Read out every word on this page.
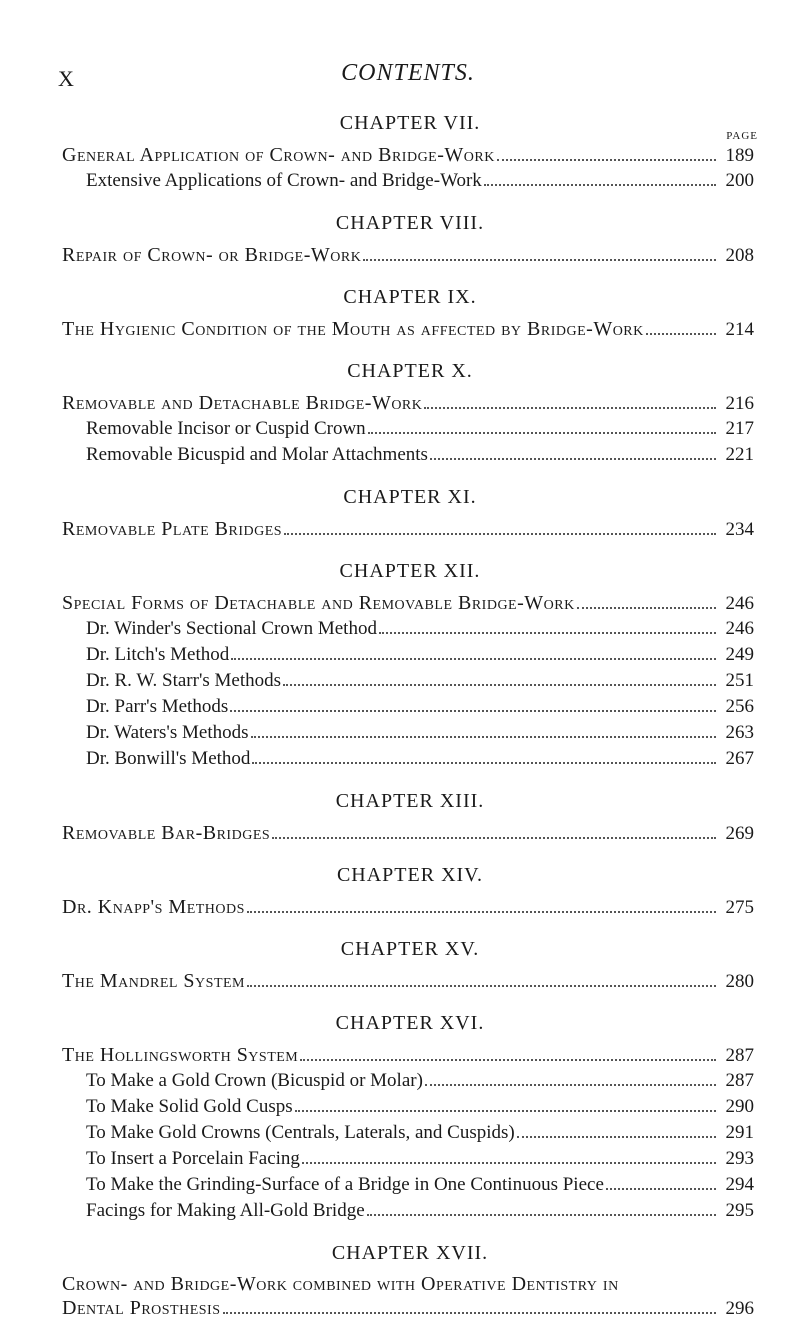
X	CONTENTS.
PAGE
CHAPTER VII.
General Application of Crown- and Bridge-Work	189
Extensive Applications of Crown- and Bridge-Work	200
CHAPTER VIII.
Repair of Crown- or Bridge-Work	208
CHAPTER IX.
The Hygienic Condition of the Mouth as affected by Bridge-Work	214
CHAPTER X.
Removable and Detachable Bridge-Work	216
Removable Incisor or Cuspid Crown	217
Removable Bicuspid and Molar Attachments	221
CHAPTER XI.
Removable Plate Bridges	234
CHAPTER XII.
Special Forms of Detachable and Removable Bridge-Work	246
Dr. Winder's Sectional Crown Method	246
Dr. Litch's Method	249
Dr. R. W. Starr's Methods	251
Dr. Parr's Methods	256
Dr. Waters's Methods	263
Dr. Bonwill's Method	267
CHAPTER XIII.
Removable Bar-Bridges	269
CHAPTER XIV.
Dr. Knapp's Methods	275
CHAPTER XV.
The Mandrel System	280
CHAPTER XVI.
The Hollingsworth System	287
To Make a Gold Crown (Bicuspid or Molar)	287
To Make Solid Gold Cusps	290
To Make Gold Crowns (Centrals, Laterals, and Cuspids)	291
To Insert a Porcelain Facing	293
To Make the Grinding-Surface of a Bridge in One Continuous Piece	294
Facings for Making All-Gold Bridge	295
CHAPTER XVII.
Crown- and Bridge-Work combined with Operative Dentistry in
Dental Prosthesis	296
